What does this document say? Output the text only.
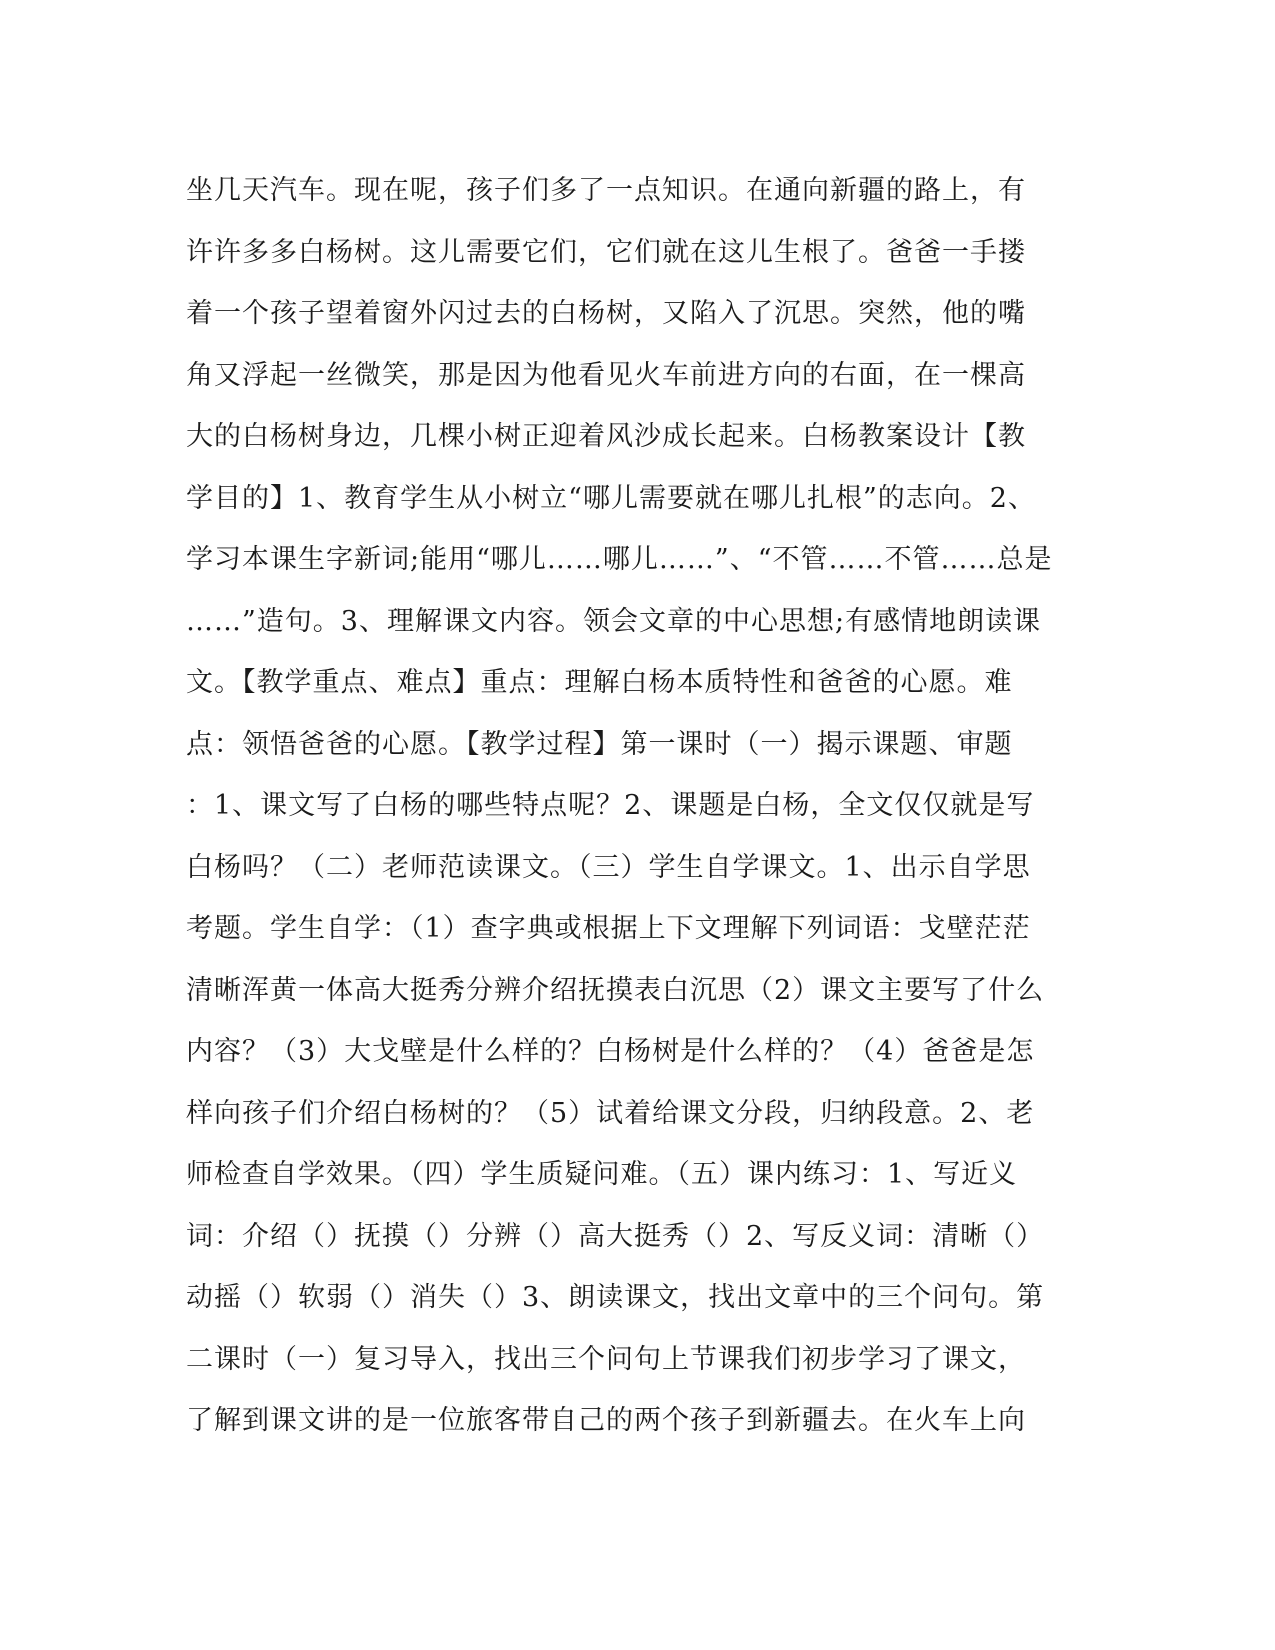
坐几天汽车。现在呢，孩子们多了一点知识。在通向新疆的路上，有
许许多多白杨树。这儿需要它们，它们就在这儿生根了。爸爸一手搂
着一个孩子望着窗外闪过去的白杨树，又陷入了沉思。突然，他的嘴
角又浮起一丝微笑，那是因为他看见火车前进方向的右面，在一棵高
大的白杨树身边，几棵小树正迎着风沙成长起来。白杨教案设计【教
学目的】1、教育学生从小树立“哪儿需要就在哪儿扎根”的志向。2、
学习本课生字新词;能用“哪儿……哪儿……”、“不管……不管……总是
……”造句。3、理解课文内容。领会文章的中心思想;有感情地朗读课
文。【教学重点、难点】重点：理解白杨本质特性和爸爸的心愿。难
点：领悟爸爸的心愿。【教学过程】第一课时（一）揭示课题、审题
：1、课文写了白杨的哪些特点呢？2、课题是白杨，全文仅仅就是写
白杨吗？（二）老师范读课文。（三）学生自学课文。1、出示自学思
考题。学生自学：（1）查字典或根据上下文理解下列词语：戈壁茫茫
清晰浑黄一体高大挺秀分辨介绍抚摸表白沉思（2）课文主要写了什么
内容？（3）大戈壁是什么样的？白杨树是什么样的？（4）爸爸是怎
样向孩子们介绍白杨树的？（5）试着给课文分段，归纳段意。2、老
师检查自学效果。（四）学生质疑问难。（五）课内练习：1、写近义
词：介绍（）抚摸（）分辨（）高大挺秀（）2、写反义词：清晰（）
动摇（）软弱（）消失（）3、朗读课文，找出文章中的三个问句。第
二课时（一）复习导入，找出三个问句上节课我们初步学习了课文，
了解到课文讲的是一位旅客带自己的两个孩子到新疆去。在火车上向
